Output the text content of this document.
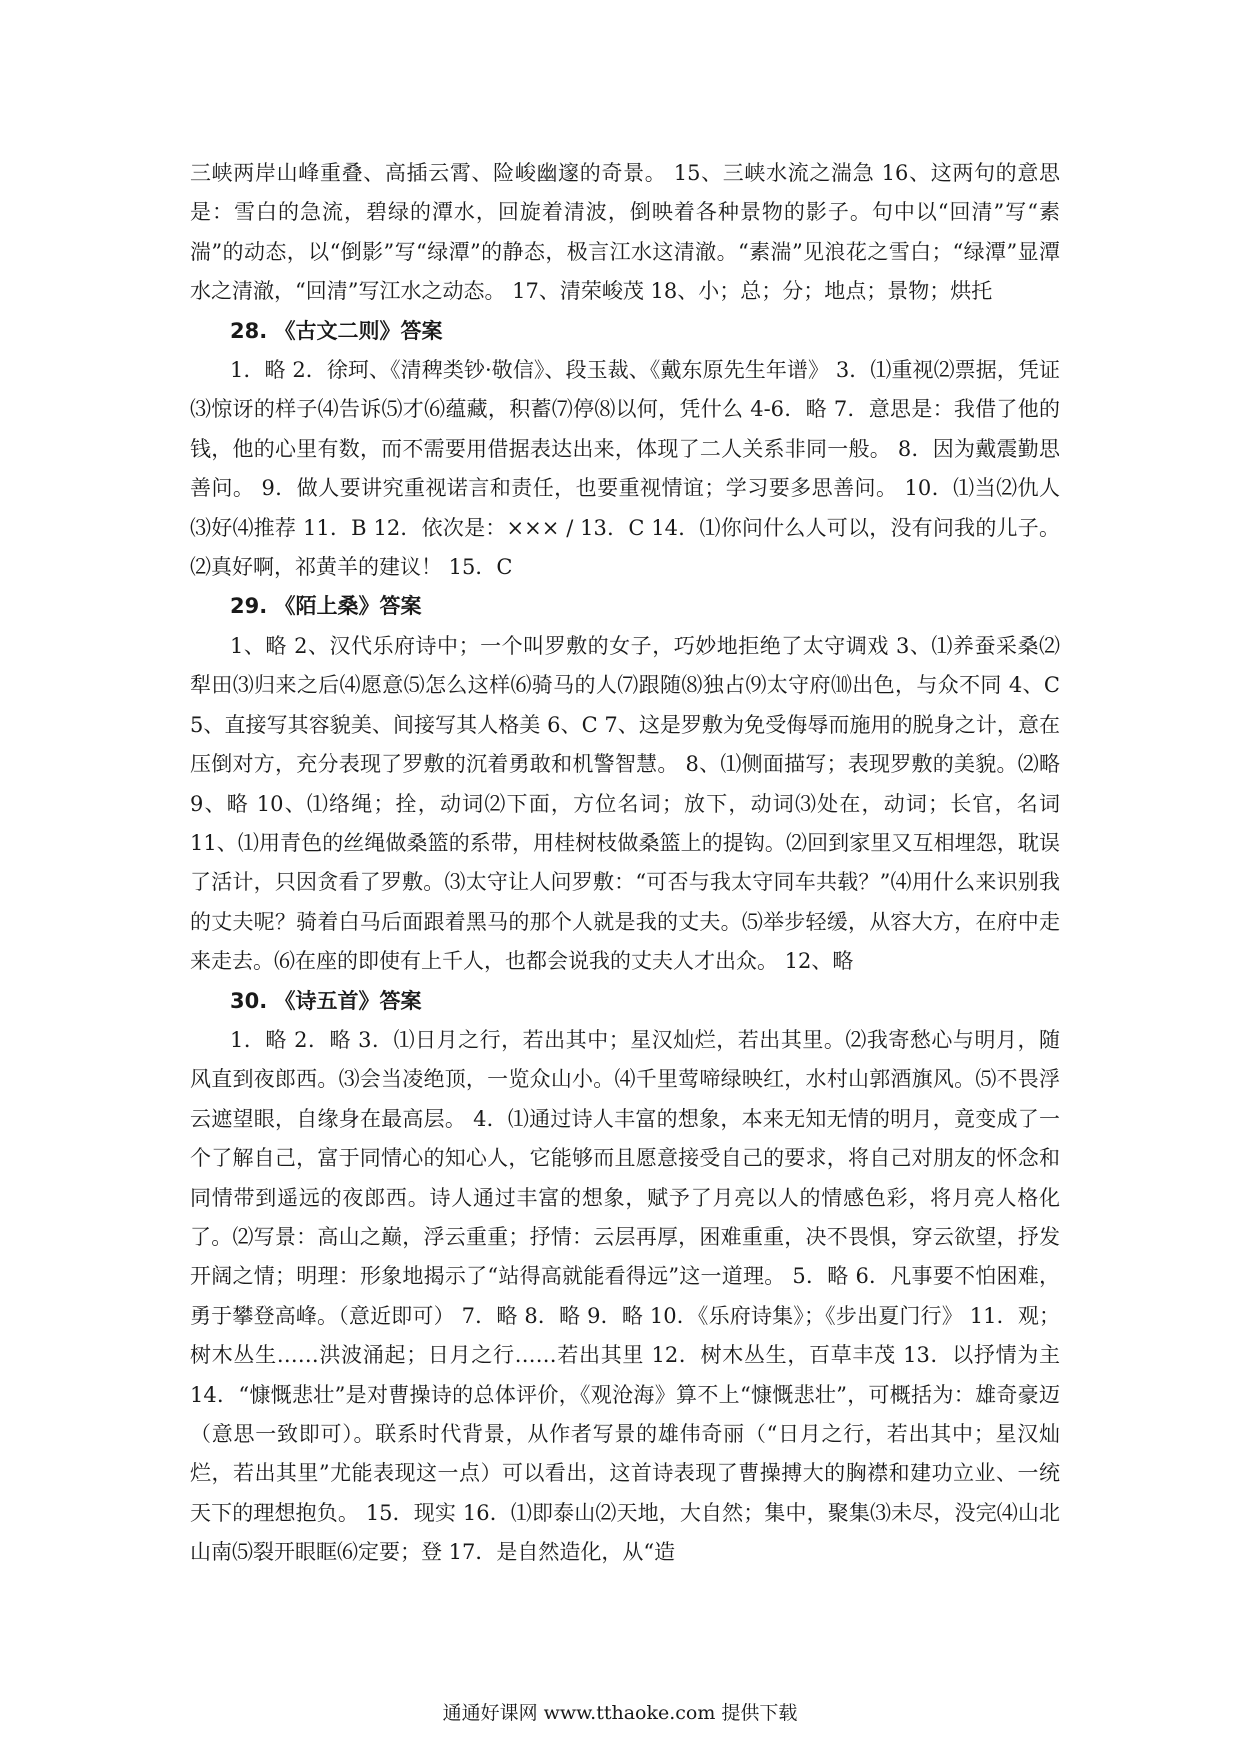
三峡两岸山峰重叠、高插云霄、险峻幽邃的奇景。 15、三峡水流之湍急 16、这两句的意思是：雪白的急流，碧绿的潭水，回旋着清波，倒映着各种景物的影子。句中以“回清”写“素湍”的动态，以“倒影”写“绿潭”的静态，极言江水这清澈。“素湍”见浪花之雪白；“绿潭”显潭水之清澈，“回清”写江水之动态。 17、清荣峻茂 18、小；总；分；地点；景物；烘托

28. 《古文二则》答案

1．略 2．徐珂、《清稗类钞·敬信》、段玉裁、《戴东原先生年谱》 3．⑴重视⑵票据，凭证⑶惊讶的样子⑷告诉⑸才⑹蕴藏，积蓄⑺停⑻以何，凭什么 4-6．略 7．意思是：我借了他的钱，他的心里有数，而不需要用借据表达出来，体现了二人关系非同一般。 8．因为戴震勤思善问。 9．做人要讲究重视诺言和责任，也要重视情谊；学习要多思善问。 10．⑴当⑵仇人⑶好⑷推荐 11．B 12．依次是：××× / 13．C 14．⑴你问什么人可以，没有问我的儿子。⑵真好啊，祁黄羊的建议！ 15．C

29. 《陌上桑》答案

1、略 2、汉代乐府诗中；一个叫罗敷的女子，巧妙地拒绝了太守调戏 3、⑴养蚕采桑⑵犁田⑶归来之后⑷愿意⑸怎么这样⑹骑马的人⑺跟随⑻独占⑼太守府⑽出色，与众不同 4、C 5、直接写其容貌美、间接写其人格美 6、C 7、这是罗敷为免受侮辱而施用的脱身之计，意在压倒对方，充分表现了罗敷的沉着勇敢和机警智慧。 8、⑴侧面描写；表现罗敷的美貌。⑵略 9、略 10、⑴络绳；拴，动词⑵下面，方位名词；放下，动词⑶处在，动词；长官，名词 11、⑴用青色的丝绳做桑篮的系带，用桂树枝做桑篮上的提钩。⑵回到家里又互相埋怨，耽误了活计，只因贪看了罗敷。⑶太守让人问罗敷：“可否与我太守同车共载？”⑷用什么来识别我的丈夫呢？骑着白马后面跟着黑马的那个人就是我的丈夫。⑸举步轻缓，从容大方，在府中走来走去。⑹在座的即使有上千人，也都会说我的丈夫人才出众。 12、略

30. 《诗五首》答案

1．略 2．略 3．⑴日月之行，若出其中；星汉灿烂，若出其里。⑵我寄愁心与明月，随风直到夜郎西。⑶会当凌绝顶，一览众山小。⑷千里莺啼绿映红，水村山郭酒旗风。⑸不畏浮云遮望眼，自缘身在最高层。 4．⑴通过诗人丰富的想象，本来无知无情的明月，竟变成了一个了解自己，富于同情心的知心人，它能够而且愿意接受自己的要求，将自己对朋友的怀念和同情带到遥远的夜郎西。诗人通过丰富的想象，赋予了月亮以人的情感色彩，将月亮人格化了。⑵写景：高山之巅，浮云重重；抒情：云层再厚，困难重重，决不畏惧，穿云欲望，抒发开阔之情；明理：形象地揭示了“站得高就能看得远”这一道理。 5．略 6．凡事要不怕困难，勇于攀登高峰。（意近即可） 7．略 8．略 9．略 10．《乐府诗集》；《步出夏门行》 11．观；树木丛生……洪波涌起；日月之行……若出其里 12．树木丛生，百草丰茂 13．以抒情为主 14．“慷慨悲壮”是对曹操诗的总体评价，《观沧海》算不上“慷慨悲壮”，可概括为：雄奇豪迈（意思一致即可）。联系时代背景，从作者写景的雄伟奇丽（“日月之行，若出其中；星汉灿烂，若出其里”尤能表现这一点）可以看出，这首诗表现了曹操搏大的胸襟和建功立业、一统天下的理想抱负。 15．现实 16．⑴即泰山⑵天地，大自然；集中，聚集⑶未尽，没完⑷山北山南⑸裂开眼眶⑹定要；登 17．是自然造化，从“造

通通好课网 www.tthaoke.com 提供下载
